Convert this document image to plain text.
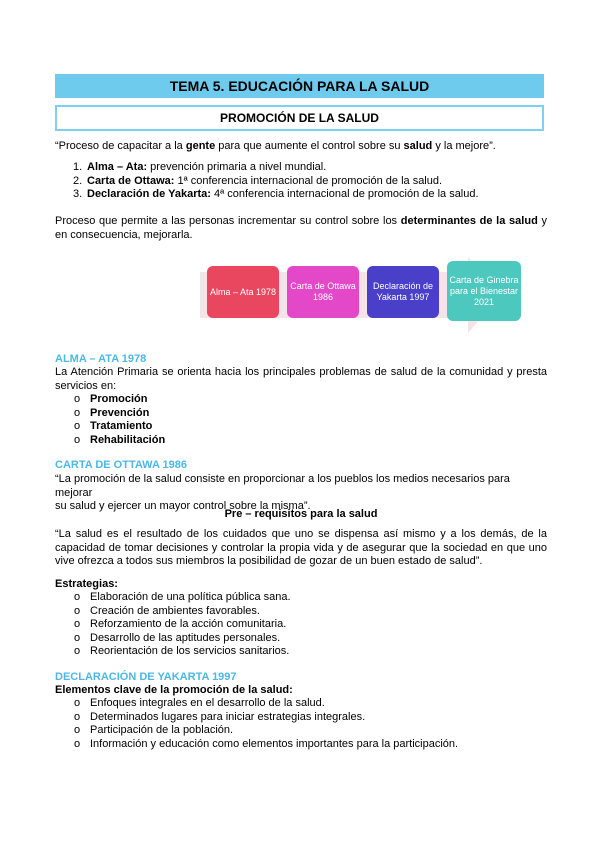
TEMA 5. EDUCACIÓN PARA LA SALUD
PROMOCIÓN DE LA SALUD
“Proceso de capacitar a la gente para que aumente el control sobre su salud y la mejore”.
1. Alma – Ata: prevención primaria a nivel mundial.
2. Carta de Ottawa: 1ª conferencia internacional de promoción de la salud.
3. Declaración de Yakarta: 4ª conferencia internacional de promoción de la salud.
Proceso que permite a las personas incrementar su control sobre los determinantes de la salud y
en consecuencia, mejorarla.
Alma – Ata 1978
Carta de Ottawa 1986
Declaración de Yakarta 1997
Carta de Ginebra para el Bienestar 2021
ALMA – ATA 1978
La Atención Primaria se orienta hacia los principales problemas de salud de la comunidad y presta
servicios en:
o Promoción
o Prevención
o Tratamiento
o Rehabilitación
CARTA DE OTTAWA 1986
“La promoción de la salud consiste en proporcionar a los pueblos los medios necesarios para mejorar
su salud y ejercer un mayor control sobre la misma”.
Pre – requisitos para la salud
“La salud es el resultado de los cuidados que uno se dispensa así mismo y a los demás, de la
capacidad de tomar decisiones y controlar la propia vida y de asegurar que la sociedad en que uno
vive ofrezca a todos sus miembros la posibilidad de gozar de un buen estado de salud”.
Estrategias:
o Elaboración de una política pública sana.
o Creación de ambientes favorables.
o Reforzamiento de la acción comunitaria.
o Desarrollo de las aptitudes personales.
o Reorientación de los servicios sanitarios.
DECLARACIÓN DE YAKARTA 1997
Elementos clave de la promoción de la salud:
o Enfoques integrales en el desarrollo de la salud.
o Determinados lugares para iniciar estrategias integrales.
o Participación de la población.
o Información y educación como elementos importantes para la participación.
